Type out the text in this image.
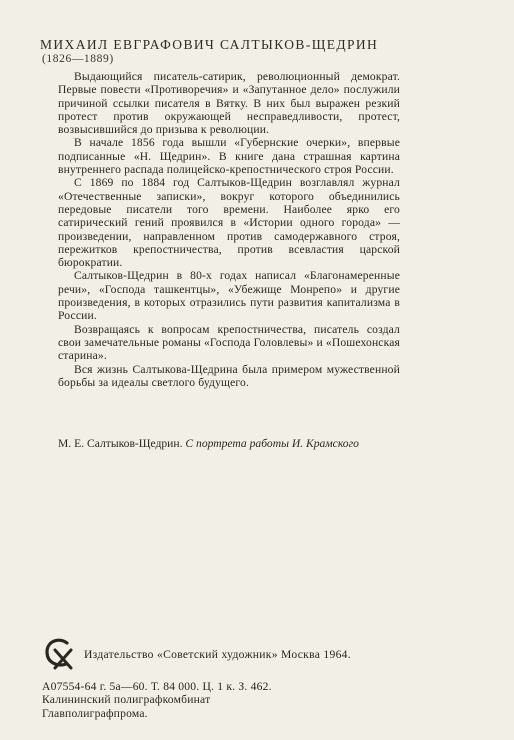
МИХАИЛ ЕВГРАФОВИЧ САЛТЫКОВ-ЩЕДРИН
(1826—1889)

Выдающийся писатель-сатирик, революционный демократ. Первые повести «Противоречия» и «Запутанное дело» послужили причиной ссылки писателя в Вятку. В них был выражен резкий протест против окружающей несправедливости, протест, возвысившийся до призыва к революции.

В начале 1856 года вышли «Губернские очерки», впервые подписанные «Н. Щедрин». В книге дана страшная картина внутреннего распада полицейско-крепостнического строя России.

С 1869 по 1884 год Салтыков-Щедрин возглавлял журнал «Отечественные записки», вокруг которого объединились передовые писатели того времени. Наиболее ярко его сатирический гений проявился в «Истории одного города» — произведении, направленном против самодержавного строя, пережитков крепостничества, против всевластия царской бюрократии.

Салтыков-Щедрин в 80-х годах написал «Благонамеренные речи», «Господа ташкентцы», «Убежище Монрепо» и другие произведения, в которых отразились пути развития капитализма в России.

Возвращаясь к вопросам крепостничества, писатель создал свои замечательные романы «Господа Головлевы» и «Пошехонская старина».

Вся жизнь Салтыкова-Щедрина была примером мужественной борьбы за идеалы светлого будущего.

М. Е. Салтыков-Щедрин. С портрета работы И. Крамского
Издательство «Советский художник» Москва 1964.
А07554-64 г. 5а—60. Т. 84 000. Ц. 1 к. З. 462.
Калининский полиграфкомбинат
Главполиграфпрома.
